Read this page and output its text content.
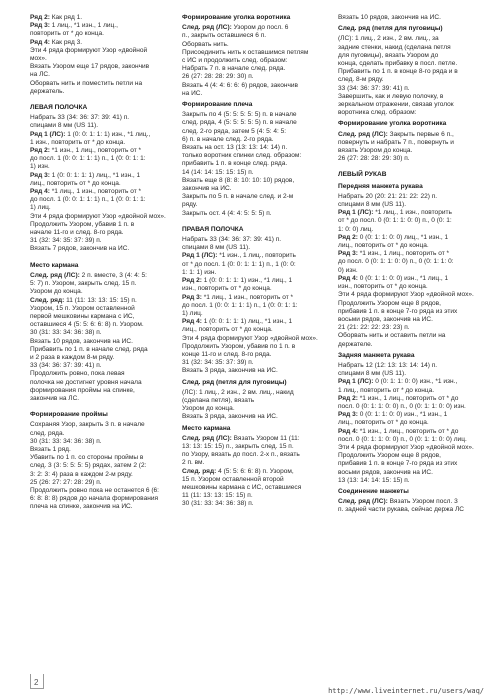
Ряд 2: Как ряд 1.
Ряд 3: 1 лиц., *1 изн., 1 лиц.,
повторить от * до конца.
Ряд 4: Как ряд 3.
Эти 4 ряда формируют Узор «двойной
мох».
Вязать Узором еще 17 рядов, закончив
на ЛС.
Оборвать нить и поместить петли на
держатель.
ЛЕВАЯ ПОЛОЧКА
Набрать 33 (34: 36: 37: 39: 41) п.
спицами 8 мм (US 11).
Ряд 1 (ЛС): 1 (0: 0: 1: 1: 1) изн., *1 лиц.,
1 изн., повторить от * до конца.
Ряд 2: *1 изн., 1 лиц., повторить от *
до посл. 1 (0: 0: 1: 1: 1) п., 1 (0: 0: 1: 1:
1) изн.
Ряд 3: 1 (0: 0: 1: 1: 1) лиц., *1 изн., 1
лиц., повторить от * до конца.
Ряд 4: *1 лиц., 1 изн., повторить от *
до посл. 1 (0: 0: 1: 1: 1) п., 1 (0: 0: 1: 1:
1) лиц.
Эти 4 ряда формируют Узор «двойной мох».
Продолжить Узором, убавив 1 п. в
начале 11-го и след. 8-го ряда.
31 (32: 34: 35: 37: 39) п.
Вязать 7 рядов, закончив на ИС.
Место кармана
След. ряд (ЛС): 2 п. вместе, 3 (4: 4: 5:
5: 7) п. Узором, закрыть след. 15 п.
Узором до конца.
След. ряд: 11 (11: 13: 13: 15: 15) п.
Узором, 15 п. Узором оставленной
первой мешковины кармана с ИС,
оставшиеся 4 (5: 5: 6: 6: 8) п. Узором.
30 (31: 33: 34: 36: 38) п.
Вязать 10 рядов, закончив на ИС.
Прибавить по 1 п. в начале след. ряда
и 2 раза в каждом 8-м ряду.
33 (34: 36: 37: 39: 41) п.
Продолжить ровно, пока левая
полочка не достигнет уровня начала
формирования проймы на спинке,
закончив на ЛС.
Формирование проймы
Сохраняя Узор, закрыть 3 п. в начале
след. ряда.
30 (31: 33: 34: 36: 38) п.
Вязать 1 ряд.
Убавить по 1 п. со стороны проймы в
след. 3 (3: 5: 5: 5: 5) рядах, затем 2 (2:
3: 2: 3: 4) раза в каждом 2-м ряду.
25 (26: 27: 27: 28: 29) п.
Продолжить ровно пока не останется 6 (6:
6: 8: 8: 8) рядов до начала формирования
плеча на спинке, закончив на ИС.
Формирование уголка воротника
След. ряд (ЛС): Узором до посл. 6
п., закрыть оставшиеся 6 п.
Оборвать нить.
Присоединить нить к оставшимся петлям
с ИС и продолжить след. образом:
Набрать 7 п. в начале след. ряда.
26 (27: 28: 28: 29: 30) п.
Вязать 4 (4: 4: 6: 6: 6) рядов, закончив
на ИС.
Формирование плеча
Закрыть по 4 (5: 5: 5: 5: 5) п. в начале
след. ряда, 4 (5: 5: 5: 5: 5) п. в начале
след. 2-го ряда, затем 5 (4: 5: 4: 5:
6) п. в начале след. 2-го ряда.
Вязать на ост. 13 (13: 13: 14: 14) п.
только воротник спинки след. образом:
прибавить 1 п. в конце след. ряда.
14 (14: 14: 15: 15: 15) п.
Вязать еще 8 (8: 8: 10: 10: 10) рядов,
закончив на ИС.
Закрыть по 5 п. в начале след. и 2-м
ряду.
Закрыть ост. 4 (4: 4: 5: 5: 5) п.
ПРАВАЯ ПОЛОЧКА
Набрать 33 (34: 36: 37: 39: 41) п.
спицами 8 мм (US 11).
Ряд 1 (ЛС): *1 изн., 1 лиц., повторить
от * до посл. 1 (0: 0: 1: 1: 1) п., 1 (0: 0:
1: 1: 1) изн.
Ряд 2: 1 (0: 0: 1: 1: 1) изн., *1 лиц., 1
изн., повторить от * до конца.
Ряд 3: *1 лиц., 1 изн., повторить от *
до посл. 1 (0: 0: 1: 1: 1) п., 1 (0: 0: 1: 1:
1) лиц.
Ряд 4: 1 (0: 0: 1: 1: 1) лиц., *1 изн., 1
лиц., повторить от * до конца.
Эти 4 ряда формируют Узор «двойной мох».
Продолжить Узором, убавив по 1 п. в
конце 11-го и след. 8-го ряда.
31 (32: 34: 35: 37: 39) п.
Вязать 3 ряда, закончив на ИС.
След. ряд (петля для пуговицы)
(ЛС): 1 лиц., 2 изн., 2 вм. лиц., накид
(сделана петля), вязать
Узором до конца.
Вязать 3 ряда, закончив на ИС.
Место кармана
След. ряд (ЛС): Вязать Узором 11 (11:
13: 13: 15: 15) п., закрыть след. 15 п.
по Узору, вязать до посл. 2-х п., вязать
2 п. вм.
След. ряд: 4 (5: 5: 6: 6: 8) п. Узором,
15 п. Узором оставленной второй
мешковины кармана с ИС, оставшиеся
11 (11: 13: 13: 15: 15) п.
30 (31: 33: 34: 36: 38) п.
Вязать 10 рядов, закончив на ИС.
След. ряд (петля для пуговицы)
(ЛС): 1 лиц., 2 изн., 2 вм. лиц., за
задние стенки, накид (сделана петля
для пуговицы), вязать Узором до
конца, сделать прибавку в посл. петле.
Прибавить по 1 п. в конце 8-го ряда и в
след. 8-м ряду.
33 (34: 36: 37: 39: 41) п.
Завершить, как и левую полочку, в
зеркальном отражении, связав уголок
воротника след. образом:
Формирование уголка воротника
След. ряд (ЛС): Закрыть первые 6 п.,
повернуть и набрать 7 п., повернуть и
вязать Узором до конца.
26 (27: 28: 28: 29: 30) п.
ЛЕВЫЙ РУКАВ
Передняя манжета рукава
Набрать 20 (20: 21: 21: 22: 22) п.
спицами 8 мм (US 11).
Ряд 1 (ЛС): *1 лиц., 1 изн., повторить
от * до посл. 0 (0: 1: 1: 0: 0) п., 0 (0: 1:
1: 0: 0) лиц.
Ряд 2: 0 (0: 1: 1: 0: 0) лиц., *1 изн., 1
лиц., повторить от * до конца.
Ряд 3: *1 изн., 1 лиц., повторить от *
до посл. 0 (0: 1: 1: 0: 0) п., 0 (0: 1: 1: 0:
0) изн.
Ряд 4: 0 (0: 1: 1: 0: 0) изн., *1 лиц., 1
изн., повторить от * до конца.
Эти 4 ряда формируют Узор «двойной мох».
Продолжить Узором еще 8 рядов,
прибавив 1 п. в конце 7-го ряда из этих
восьми рядов, закончив на ИС.
21 (21: 22: 22: 23: 23) п.
Оборвать нить и оставить петли на
держателе.
Задняя манжета рукава
Набрать 12 (12: 13: 13: 14: 14) п.
спицами 8 мм (US 11).
Ряд 1 (ЛС): 0 (0: 1: 1: 0: 0) изн., *1 изн.,
1 лиц., повторить от * до конца.
Ряд 2: *1 изн., 1 лиц., повторить от * до
посл. 0 (0: 1: 1: 0: 0) п., 0 (0: 1: 1: 0: 0) изн.
Ряд 3: 0 (0: 1: 1: 0: 0) изн., *1 изн., 1
лиц., повторить от * до конца.
Ряд 4: *1 изн., 1 лиц., повторить от * до
посл. 0 (0: 1: 1: 0: 0) п., 0 (0: 1: 1: 0: 0) лиц.
Эти 4 ряда формируют Узор «двойной мох».
Продолжить Узором еще 8 рядов,
прибавив 1 п. в конце 7-го ряда из этих
восьми рядов, закончив на ИС.
13 (13: 14: 14: 15: 15) п.
Соединение манжеты
След. ряд (ЛС): Вязать Узором посл. 3
п. задней части рукава, сейчас держа ЛС
2
http://www.liveinternet.ru/users/waq/
